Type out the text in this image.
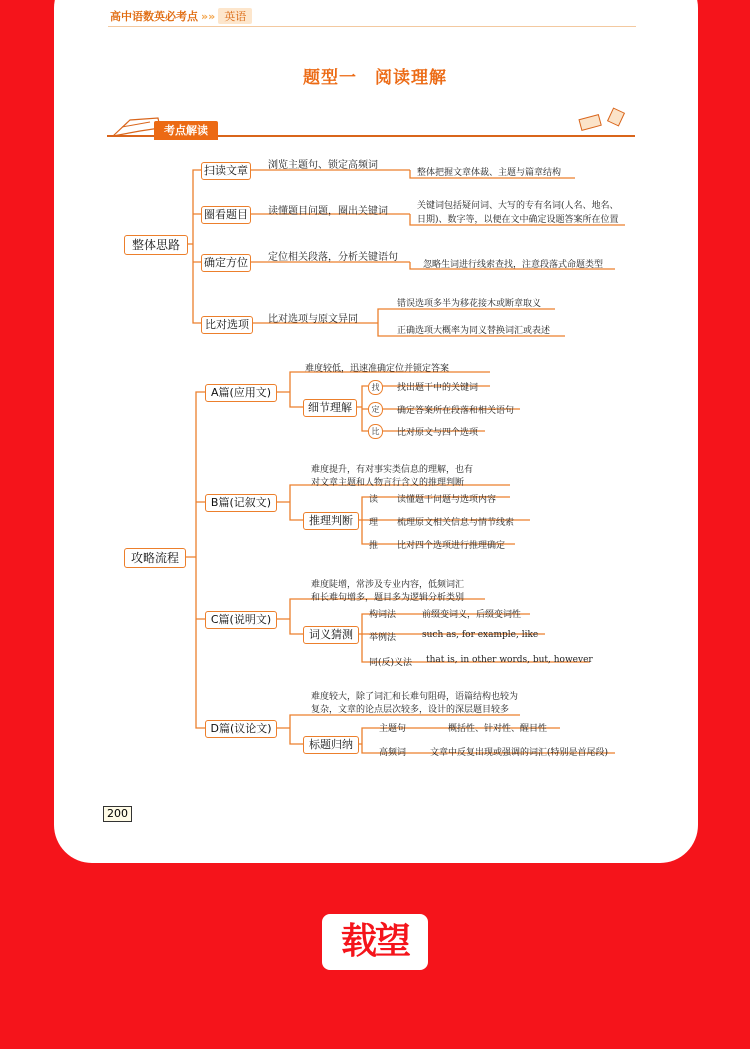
高中语数英必考点 »» 英语
题型一　阅读理解
考点解读
整体思路
扫读文章	浏览主题句、锁定高频词
整体把握文章体裁、主题与篇章结构
圈看题目	读懂题目问题，圈出关键词	关键词包括疑问词、大写的专有名词(人名、地名、
日期)、数字等，以便在文中确定设题答案所在位置
确定方位	定位相关段落，分析关键语句
忽略生词进行线索查找，注意段落式命题类型
比对选项	比对选项与原文异同
错误选项多半为移花接木或断章取义
正确选项大概率为同义替换词汇或表述
攻略流程
A篇(应用文)
难度较低，迅速准确定位并锁定答案
细节理解
找	找出题干中的关键词
定	确定答案所在段落和相关语句
比	比对原文与四个选项
B篇(记叙文)
难度提升，有对事实类信息的理解，也有
对文章主题和人物言行含义的推理判断
推理判断
读 读懂题干问题与选项内容
理 梳理原文相关信息与情节线索
推 比对四个选项进行推理确定
C篇(说明文)
难度陡增，常涉及专业内容，低频词汇
和长难句增多，题目多为逻辑分析类别
词义猜测
构词法	前缀变词义，后缀变词性
举例法	such as, for example, like
同(反)义法 that is, in other words, but, however
D篇(议论文)
难度较大，除了词汇和长难句阻碍，语篇结构也较为
复杂，文章的论点层次较多，设计的深层题目较多
标题归纳
主题句	概括性、针对性、醒目性
高频词	文章中反复出现或强调的词汇(特别是首尾段)
200
载望
